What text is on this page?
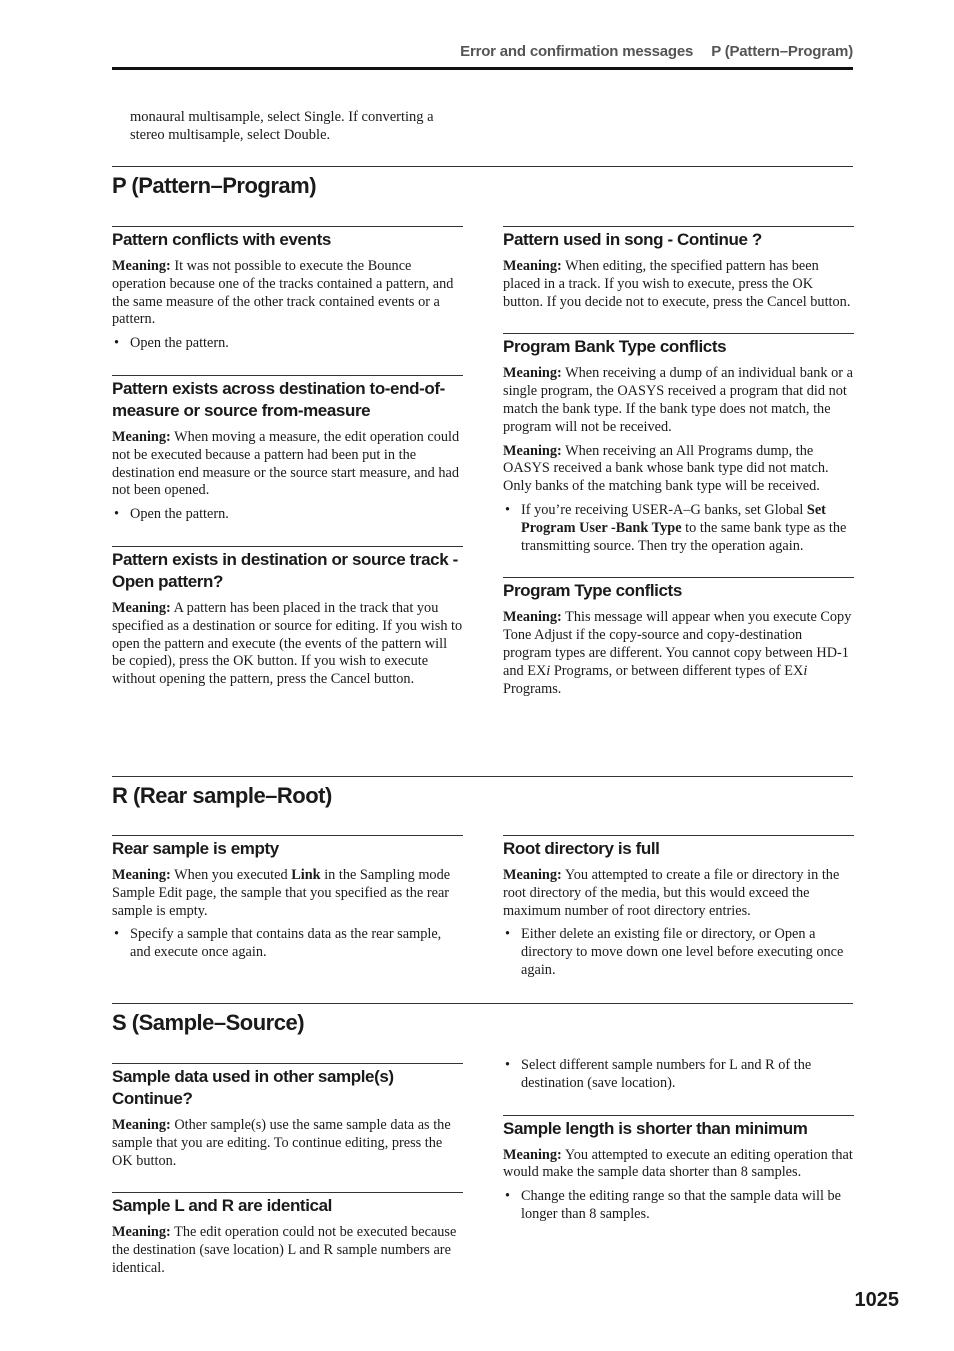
Error and confirmation messages P (Pattern–Program)
monaural multisample, select Single. If converting a stereo multisample, select Double.
P (Pattern–Program)
Pattern conflicts with events

Meaning: It was not possible to execute the Bounce operation because one of the tracks contained a pattern, and the same measure of the other track contained events or a pattern.

• Open the pattern.
Pattern exists across destination to-end-of-measure or source from-measure

Meaning: When moving a measure, the edit operation could not be executed because a pattern had been put in the destination end measure or the source start measure, and had not been opened.

• Open the pattern.
Pattern exists in destination or source track - Open pattern?

Meaning: A pattern has been placed in the track that you specified as a destination or source for editing. If you wish to open the pattern and execute (the events of the pattern will be copied), press the OK button. If you wish to execute without opening the pattern, press the Cancel button.

Pattern used in song - Continue ?

Meaning: When editing, the specified pattern has been placed in a track. If you wish to execute, press the OK button. If you decide not to execute, press the Cancel button.

Program Bank Type conflicts

Meaning: When receiving a dump of an individual bank or a single program, the OASYS received a program that did not match the bank type. If the bank type does not match, the program will not be received.

Meaning: When receiving an All Programs dump, the OASYS received a bank whose bank type did not match. Only banks of the matching bank type will be received.

• If you’re receiving USER-A–G banks, set Global Set Program User -Bank Type to the same bank type as the transmitting source. Then try the operation again.
Program Type conflicts

Meaning: This message will appear when you execute Copy Tone Adjust if the copy-source and copy-destination program types are different. You cannot copy between HD-1 and EXi Programs, or between different types of EXi Programs.

R (Rear sample–Root)
Rear sample is empty

Meaning: When you executed Link in the Sampling mode Sample Edit page, the sample that you specified as the rear sample is empty.

• Specify a sample that contains data as the rear sample, and execute once again.
Root directory is full

Meaning: You attempted to create a file or directory in the root directory of the media, but this would exceed the maximum number of root directory entries.

• Either delete an existing file or directory, or Open a directory to move down one level before executing once again.
S (Sample–Source)
Sample data used in other sample(s) Continue?

Meaning: Other sample(s) use the same sample data as the sample that you are editing. To continue editing, press the OK button.

Sample L and R are identical

Meaning: The edit operation could not be executed because the destination (save location) L and R sample numbers are identical.

• Select different sample numbers for L and R of the destination (save location).
Sample length is shorter than minimum

Meaning: You attempted to execute an editing operation that would make the sample data shorter than 8 samples.

• Change the editing range so that the sample data will be longer than 8 samples.
1025
